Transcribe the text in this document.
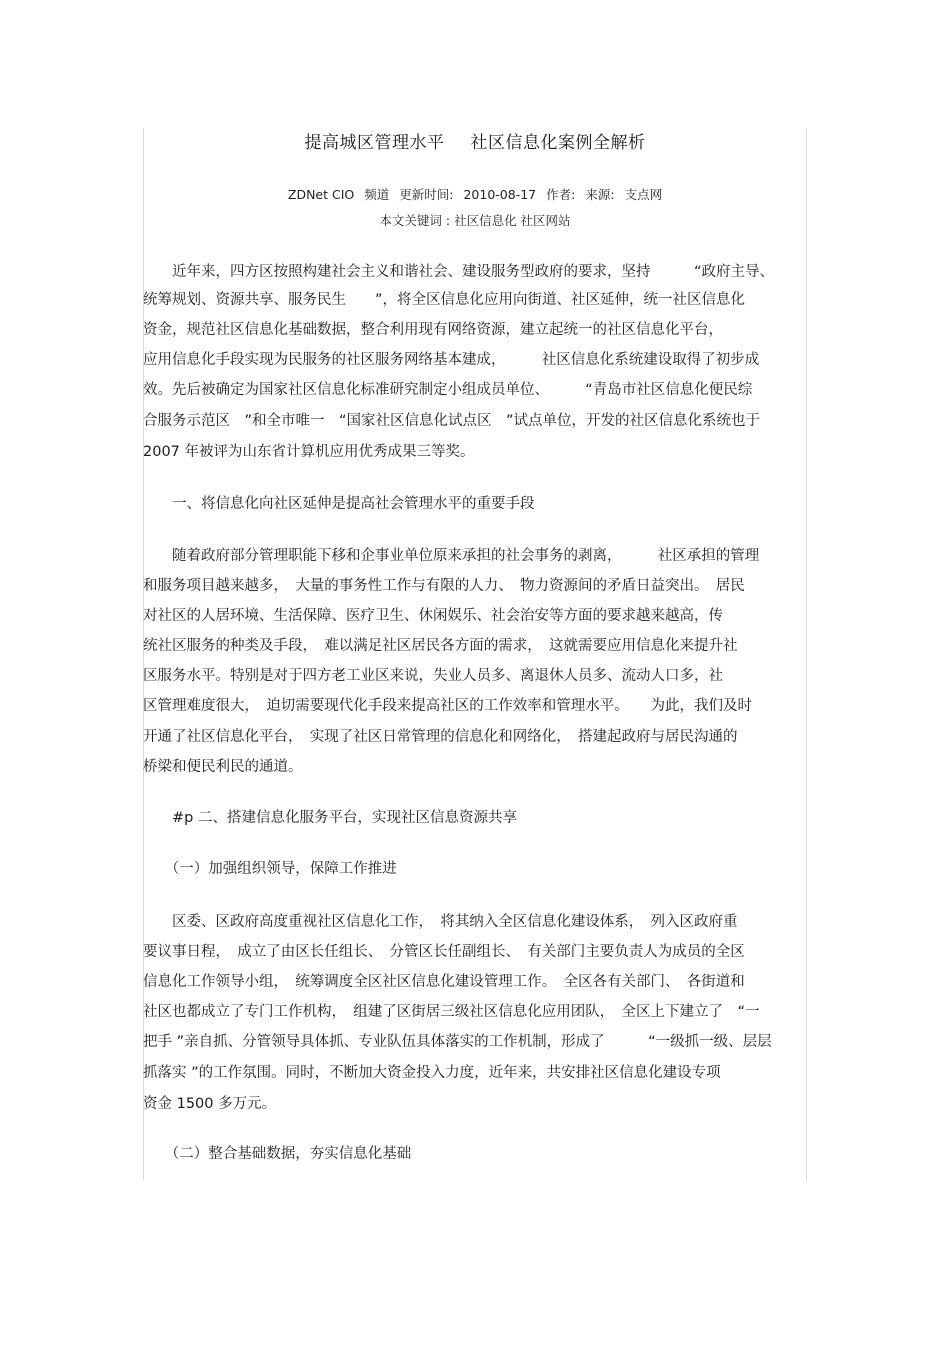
提高城区管理水平 社区信息化案例全解析
ZDNet CIO 频道 更新时间: 2010-08-17 作者: 来源: 支点网
本文关键词 : 社区信息化 社区网站
　　近年来，四方区按照构建社会主义和谐社会、建设服务型政府的要求，坚持　　　“政府主导、
统筹规划、资源共享、服务民生　　”，将全区信息化应用向街道、社区延伸，统一社区信息化
资金，规范社区信息化基础数据，整合利用现有网络资源，建立起统一的社区信息化平台，
应用信息化手段实现为民服务的社区服务网络基本建成，　　　社区信息化系统建设取得了初步成
效。先后被确定为国家社区信息化标准研究制定小组成员单位、　　　“青岛市社区信息化便民综
合服务示范区　”和全市唯一　“国家社区信息化试点区　”试点单位，开发的社区信息化系统也于
2007 年被评为山东省计算机应用优秀成果三等奖。
　　一、将信息化向社区延伸是提高社会管理水平的重要手段
　　随着政府部分管理职能下移和企事业单位原来承担的社会事务的剥离，　　　社区承担的管理
和服务项目越来越多，　大量的事务性工作与有限的人力、　物力资源间的矛盾日益突出。　居民
对社区的人居环境、生活保障、医疗卫生、休闲娱乐、社会治安等方面的要求越来越高，传
统社区服务的种类及手段，　难以满足社区居民各方面的需求，　这就需要应用信息化来提升社
区服务水平。特别是对于四方老工业区来说，失业人员多、离退休人员多、流动人口多，社
区管理难度很大，　迫切需要现代化手段来提高社区的工作效率和管理水平。　　为此，我们及时
开通了社区信息化平台，　实现了社区日常管理的信息化和网络化，　搭建起政府与居民沟通的
桥梁和便民利民的通道。
　　#p 二、搭建信息化服务平台，实现社区信息资源共享
　　（一）加强组织领导，保障工作推进
　　区委、区政府高度重视社区信息化工作，　将其纳入全区信息化建设体系，　列入区政府重
要议事日程，　成立了由区长任组长、　分管区长任副组长、　有关部门主要负责人为成员的全区
信息化工作领导小组，　统筹调度全区社区信息化建设管理工作。　全区各有关部门、　各街道和
社区也都成立了专门工作机构，　组建了区街居三级社区信息化应用团队，　全区上下建立了　“一
把手 ”亲自抓、分管领导具体抓、专业队伍具体落实的工作机制，形成了　　　“一级抓一级、层层
抓落实 ”的工作氛围。同时，不断加大资金投入力度，近年来，共安排社区信息化建设专项
资金 1500 多万元。
　　（二）整合基础数据，夯实信息化基础
